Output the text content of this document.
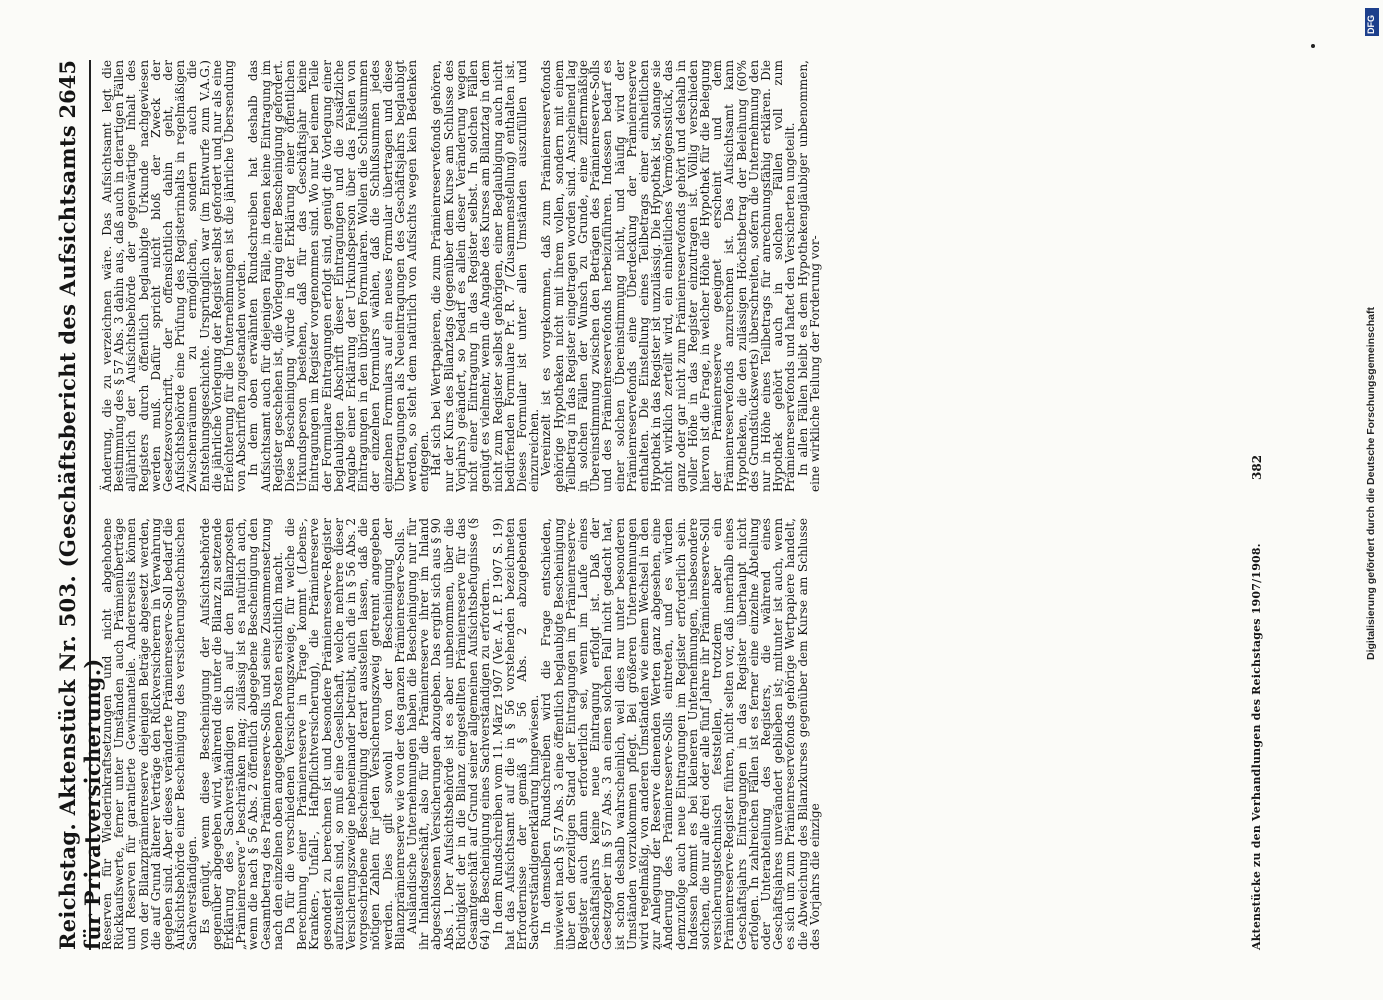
Reichstag. Aktenstück Nr. 503. (Geschäftsbericht des Aufsichtsamts für Privatversicherung.)
2645

Reserven für Wiederinkraftsetzungen und nicht abgehobene Rückkaufswerte, ferner unter Umständen auch Prämienüberträge und Reserven für garantierte Gewinnanteile. Andererseits können von der Bilanzprämienreserve diejenigen Beträge abgesetzt werden, die auf Grund älterer Verträge den Rückversicherern in Verwahrung gegeben sind. Aber dieses veränderte Prämienreserve-Soll bedarf die Aufsichtsbehörde einer Bescheinigung des versicherungstechnischen Sachverständigen.

Es genügt, wenn diese Bescheinigung der Aufsichtsbehörde gegenüber abgegeben wird, während die unter die Bilanz zu setzende Erklärung des Sachverständigen sich auf den Bilanzposten „Prämienreserve“ beschränken mag; zulässig ist es natürlich auch, wenn die nach § 56 Abs. 2 öffentlich abgegebene Bescheinigung den Gesamtbetrag des Prämienreserve-Solls und seine Zusammensetzung nach den einzelnen oben angegebenen Posten ersichtlich macht.

Da für die verschiedenen Versicherungszweige, für welche die Berechnung einer Prämienreserve in Frage kommt (Lebens-, Kranken-, Unfall-, Haftpflichtversicherung), die Prämienreserve gesondert zu berechnen ist und besondere Prämienreserve-Register aufzustellen sind, so muß eine Gesellschaft, welche mehrere dieser Versicherungszweige nebeneinander betreibt, auch die in § 56 Abs. 2 vorgeschriebene Bescheinigung derart ausstellen lassen, daß die nötigen Zahlen für jeden Versicherungszweig getrennt angegeben werden. Dies gilt sowohl von der Bescheinigung der Bilanzprämienreserve wie von der des ganzen Prämienreserve-Solls.

Ausländische Unternehmungen haben die Bescheinigung nur für ihr Inlandsgeschäft, also für die Prämienreserve ihrer im Inland abgeschlossenen Versicherungen abzugeben. Das ergibt sich aus § 90 Abs. 1. Der Aufsichtsbehörde ist es aber unbenommen, über die Richtigkeit der in die Bilanz eingestellten Prämienreserve für das Gesamtgeschäft auf Grund seiner allgemeinen Aufsichtsbefugnisse (§ 64) die Bescheinigung eines Sachverständigen zu erfordern.

In dem Rundschreiben vom 11. März 1907 (Ver. A. f. P. 1907 S. 19) hat das Aufsichtsamt auf die in § 56 vorstehenden bezeichneten Erfordernisse der gemäß § 56 Abs. 2 abzugebenden Sachverständigenerklärung hingewiesen.

In demselben Rundschreiben wird die Frage entschieden, inwieweit nach § 57 Abs. 3 eine öffentlich beglaubigte Bescheinigung über den derzeitigen Stand der Eintragungen im Prämienreserve-Register auch dann erforderlich sei, wenn im Laufe eines Geschäftsjahrs keine neue Eintragung erfolgt ist. Daß der Gesetzgeber im § 57 Abs. 3 an einen solchen Fall nicht gedacht hat, ist schon deshalb wahrscheinlich, weil dies nur unter besonderen Umständen vorzukommen pflegt. Bei größeren Unternehmungen wird regelmäßig, von anderen Umständen wie einem Wechsel in den zur Anlegung der Reserve dienenden Werten ganz abgesehen, eine Änderung des Prämienreserve-Solls eintreten, und es würden demzufolge auch neue Eintragungen im Register erforderlich sein. Indessen kommt es bei kleineren Unternehmungen, insbesondere solchen, die nur alle drei oder alle fünf Jahre ihr Prämienreserve-Soll versicherungstechnisch feststellen, trotzdem aber ein Prämienreserve-Register führen, nicht selten vor, daß innerhalb eines Geschäftsjahrs Eintragungen in das Register überhaupt nicht erfolgen. In zahlreichen Fällen ist es ferner eine einzelne Abteilung oder Unterabteilung des Registers, die während eines Geschäftsjahres unverändert geblieben ist; mitunter ist auch, wenn es sich um zum Prämienreservefonds gehörige Wertpapiere handelt, die Abweichung des Bilanzkurses gegenüber dem Kurse am Schlusse des Vorjahrs die einzige

Änderung, die zu verzeichnen wäre. Das Aufsichtsamt legt die Bestimmung des § 57 Abs. 3 dahin aus, daß auch in derartigen Fällen alljährlich der Aufsichtsbehörde der gegenwärtige Inhalt des Registers durch öffentlich beglaubigte Urkunde nachgewiesen werden muß. Dafür spricht nicht bloß der Zweck der Gesetzesvorschrift, der offensichtlich dahin geht, der Aufsichtsbehörde eine Prüfung des Registerinhalts in regelmäßigen Zwischenräumen zu ermöglichen, sondern auch die Entstehungsgeschichte. Ursprünglich war (im Entwurfe zum V.A.G.) die jährliche Vorlegung der Register selbst gefordert und nur als eine Erleichterung für die Unternehmungen ist die jährliche Übersendung von Abschriften zugestanden worden.

In dem oben erwähnten Rundschreiben hat deshalb das Aufsichtsamt auch für diejenigen Fälle, in denen keine Eintragung im Register geschehen ist, die Vorlegung einer Bescheinigung gefordert. Diese Bescheinigung würde in der Erklärung einer öffentlichen Urkundsperson bestehen, daß für das Geschäftsjahr keine Eintragungen im Register vorgenommen sind. Wo nur bei einem Teile der Formulare Eintragungen erfolgt sind, genügt die Vorlegung einer beglaubigten Abschrift dieser Eintragungen und die zusätzliche Angabe einer Erklärung der Urkundsperson über das Fehlen von Eintragungen in den übrigen Formularen. Wollen die Schlußsummen der einzelnen Formulars wählen, daß die Schlußsummen jedes einzelnen Formulars auf ein neues Formular übertragen und diese Übertragungen als Neueintragungen des Geschäftsjahrs beglaubigt werden, so steht dem natürlich von Aufsichts wegen kein Bedenken entgegen.

Hat sich bei Wertpapieren, die zum Prämienreservefonds gehören, nur der Kurs des Bilanztags (gegenüber dem Kurse am Schlusse des Vorjahrs) geändert, so bedarf es allein dieser Veränderung wegen nicht einer Eintragung in das Register selbst. In solchen Fällen genügt es vielmehr, wenn die Angabe des Kurses am Bilanztag in dem nicht zum Register selbst gehörigen, einer Beglaubigung auch nicht bedürfenden Formulare Pr. R. 7 (Zusammenstellung) enthalten ist. Dieses Formular ist unter allen Umständen auszufüllen und einzureichen.

Vereinzelt ist es vorgekommen, daß zum Prämienreservefonds gehörige Hypotheken nicht mit ihrem vollen, sondern mit einem Teilbetrag in das Register eingetragen worden sind. Anscheinend lag in solchen Fällen der Wunsch zu Grunde, eine ziffernmäßige Übereinstimmung zwischen den Beträgen des Prämienreserve-Solls und des Prämienreservefonds herbeizuführen. Indessen bedarf es einer solchen Übereinstimmung nicht, und häufig wird der Prämienreservefonds eine Überdeckung der Prämienreserve enthalten. Die Einstellung eines Teilbetrags einer einheitlichen Hypothek in das Register ist unzulässig. Die Hypothek ist, solange sie nicht wirklich zerteilt wird, ein einheitliches Vermögensstück, das ganz oder gar nicht zum Prämienreservefonds gehört und deshalb in voller Höhe in das Register einzutragen ist. Völlig verschieden hiervon ist die Frage, in welcher Höhe die Hypothek für die Belegung der Prämienreserve geeignet erscheint und dem Prämienreservefonds anzurechnen ist. Das Aufsichtsamt kann Hypotheken, die den zulässigen Höchstbetrag der Beleihung (60% des Grundstückswerts) überschreiten, sofern die Unternehmung den nur in Höhe eines Teilbetrags für anrechnungsfähig erklären. Die Hypothek gehört auch in solchen Fällen voll zum Prämienreservefonds und haftet den Versicherten ungeteilt.

In allen Fällen bleibt es dem Hypothekengläubiger unbenommen, eine wirkliche Teilung der Forderung vor-

Aktenstücke zu den Verhandlungen des Reichstages 1907/1908.
382
DFG
Digitalisierung gefördert durch die Deutsche Forschungsgemeinschaft
